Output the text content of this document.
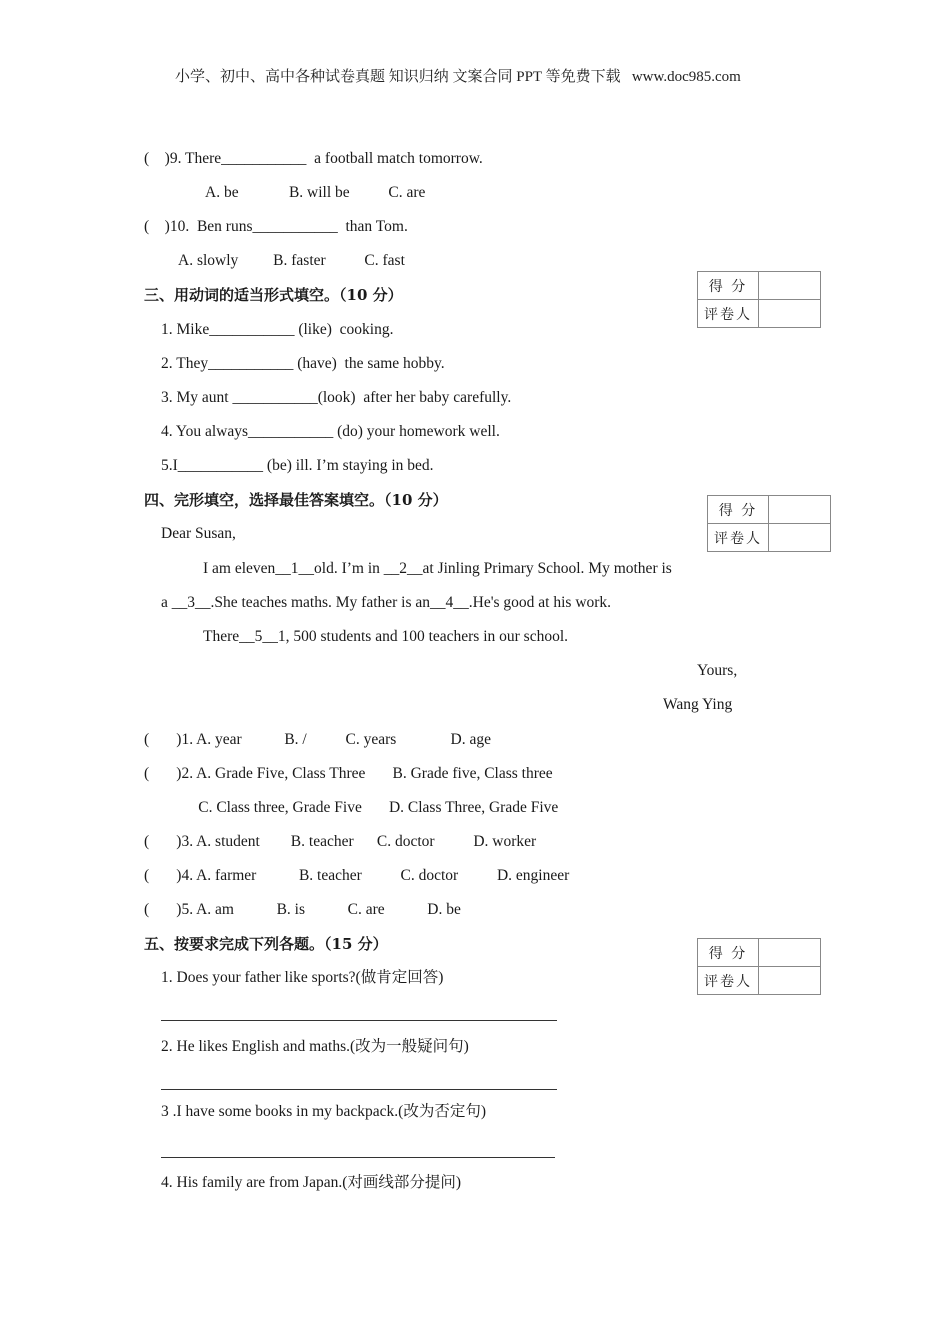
小学、初中、高中各种试卷真题 知识归纳 文案合同 PPT 等免费下载   www.doc985.com
(    )9. There___________  a football match tomorrow.
A. be             B. will be          C. are
(    )10.  Ben runs___________  than Tom.
A. slowly         B. faster          C. fast
三、用动词的适当形式填空。（10 分）
1. Mike___________ (like)  cooking.
2. They___________ (have)  the same hobby.
3. My aunt ___________(look)  after her baby carefully.
4. You always___________ (do) your homework well.
5.I___________ (be) ill. I’m staying in bed.
得 分	
评卷人	
四、完形填空，选择最佳答案填空。（10 分）
Dear Susan,
I am eleven__1__old. I’m in __2__at Jinling Primary School. My mother is
a __3__.She teaches maths. My father is an__4__.He's good at his work.
There__5__1, 500 students and 100 teachers in our school.
Yours,
Wang Ying
(       )1. A. year           B. /          C. years              D. age
(       )2. A. Grade Five, Class Three       B. Grade five, Class three
C. Class three, Grade Five       D. Class Three, Grade Five
(       )3. A. student        B. teacher      C. doctor          D. worker
(       )4. A. farmer           B. teacher          C. doctor          D. engineer
(       )5. A. am           B. is           C. are           D. be
得 分	
评卷人	
五、按要求完成下列各题。（15 分）
1. Does your father like sports?(做肯定回答)
2. He likes English and maths.(改为一般疑问句)
3 .I have some books in my backpack.(改为否定句)
4. His family are from Japan.(对画线部分提问)
得 分	
评卷人	
